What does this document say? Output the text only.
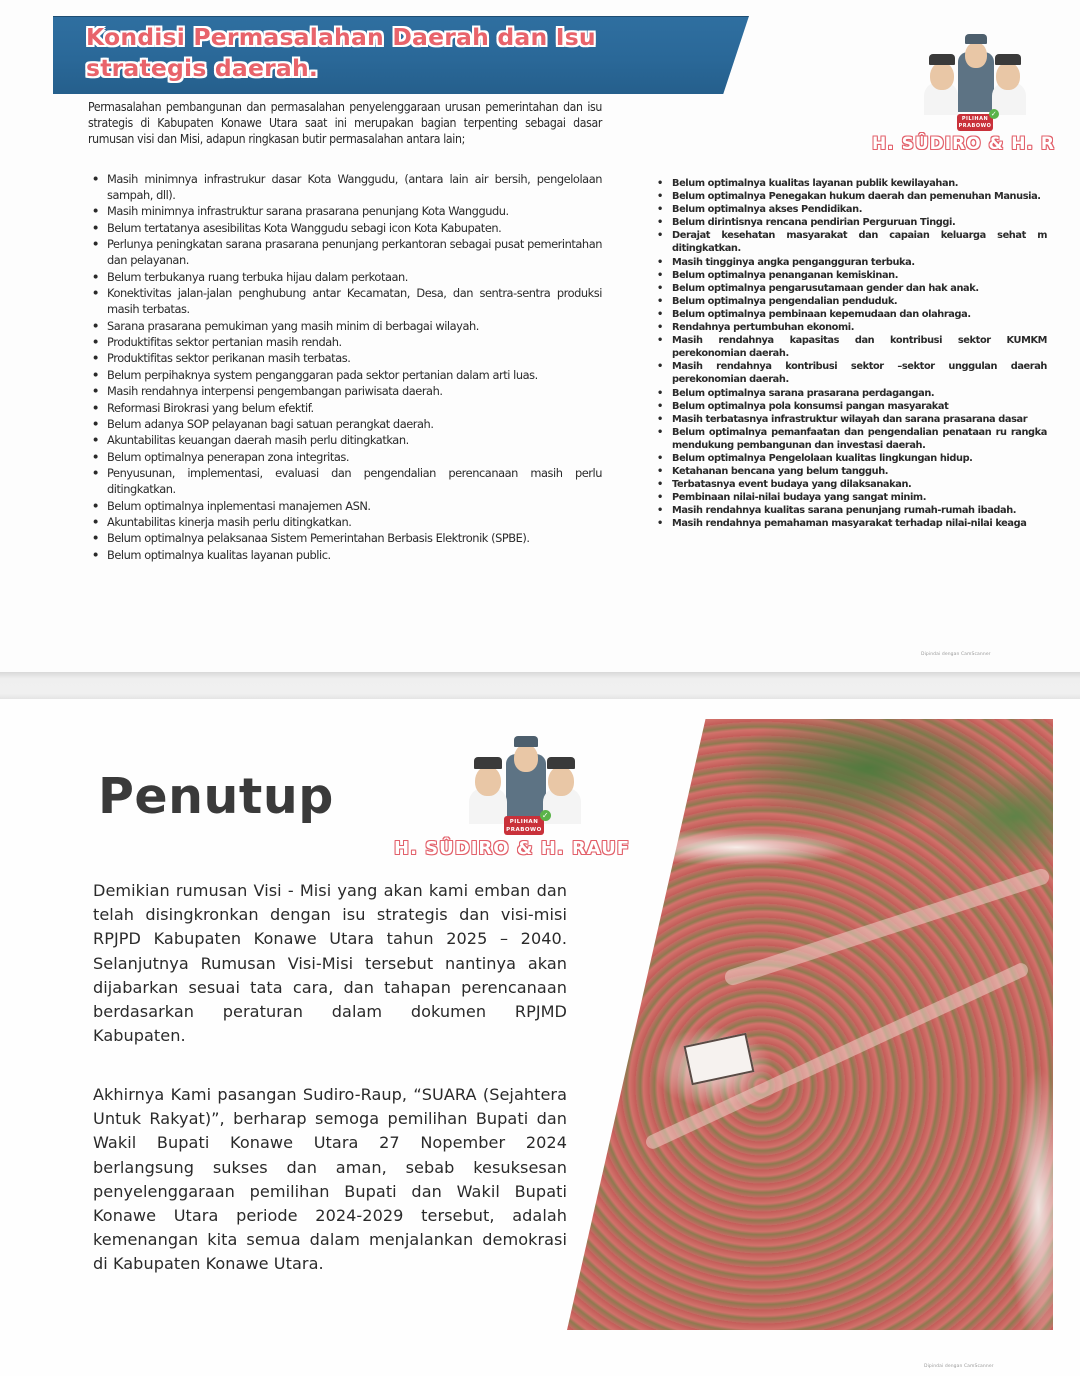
Kondisi Permasalahan Daerah dan Isu strategis daerah.
PILIHAN
PRABOWO
✓
H. SÛDIRO & H. R

Permasalahan pembangunan dan permasalahan penyelenggaraan urusan pemerintahan dan isu strategis di Kabupaten Konawe Utara saat ini merupakan bagian terpenting sebagai dasar rumusan visi dan Misi, adapun ringkasan butir permasalahan antara lain;

• Masih minimnya infrastrukur dasar Kota Wanggudu, (antara lain air bersih, pengelolaan sampah, dll).
• Masih minimnya infrastruktur sarana prasarana penunjang Kota Wanggudu.
• Belum tertatanya asesibilitas Kota Wanggudu sebagi icon Kota Kabupaten.
• Perlunya peningkatan sarana prasarana penunjang perkantoran sebagai pusat pemerintahan dan pelayanan.
• Belum terbukanya ruang terbuka hijau dalam perkotaan.
• Konektivitas jalan-jalan penghubung antar Kecamatan, Desa, dan sentra-sentra produksi masih terbatas.
• Sarana prasarana pemukiman yang masih minim di berbagai wilayah.
• Produktifitas sektor pertanian masih rendah.
• Produktifitas sektor perikanan masih terbatas.
• Belum perpihaknya system penganggaran pada sektor pertanian dalam arti luas.
• Masih rendahnya interpensi pengembangan pariwisata daerah.
• Reformasi Birokrasi yang belum efektif.
• Belum adanya SOP pelayanan bagi satuan perangkat daerah.
• Akuntabilitas keuangan daerah masih perlu ditingkatkan.
• Belum optimalnya penerapan zona integritas.
• Penyusunan, implementasi, evaluasi dan pengendalian perencanaan masih perlu ditingkatkan.
• Belum optimalnya inplementasi manajemen ASN.
• Akuntabilitas kinerja masih perlu ditingkatkan.
• Belum optimalnya pelaksanaa Sistem Pemerintahan Berbasis Elektronik (SPBE).
• Belum optimalnya kualitas layanan public.
• Belum optimalnya kualitas layanan publik kewilayahan.
• Belum optimalnya Penegakan hukum daerah dan pemenuhan Manusia.
• Belum optimalnya akses Pendidikan.
• Belum dirintisnya rencana pendirian Perguruan Tinggi.
• Derajat kesehatan masyarakat dan capaian keluarga sehat m ditingkatkan.
• Masih tingginya angka pengangguran terbuka.
• Belum optimalnya penanganan kemiskinan.
• Belum optimalnya pengarusutamaan gender dan hak anak.
• Belum optimalnya pengendalian penduduk.
• Belum optimalnya pembinaan kepemudaan dan olahraga.
• Rendahnya pertumbuhan ekonomi.
• Masih rendahnya kapasitas dan kontribusi sektor KUMKM perekonomian daerah.
• Masih rendahnya kontribusi sektor –sektor unggulan daerah perekonomian daerah.
• Belum optimalnya sarana prasarana perdagangan.
• Belum optimalnya pola konsumsi pangan masyarakat
• Masih terbatasnya infrastruktur wilayah dan sarana prasarana dasar
• Belum optimalnya pemanfaatan dan pengendalian penataan ru rangka mendukung pembangunan dan investasi daerah.
• Belum optimalnya Pengelolaan kualitas lingkungan hidup.
• Ketahanan bencana yang belum tangguh.
• Terbatasnya event budaya yang dilaksanakan.
• Pembinaan nilai-nilai budaya yang sangat minim.
• Masih rendahnya kualitas sarana penunjang rumah-rumah ibadah.
• Masih rendahnya pemahaman masyarakat terhadap nilai-nilai keaga
Dipindai dengan CamScanner
Penutup	PILIHAN
PRABOWO
✓
H. SÛDIRO & H. RAUF

Demikian rumusan Visi - Misi yang akan kami emban dan telah disingkronkan dengan isu strategis dan visi-misi RPJPD Kabupaten Konawe Utara tahun 2025 – 2040. Selanjutnya Rumusan Visi-Misi tersebut nantinya akan dijabarkan sesuai tata cara, dan tahapan perencanaan berdasarkan peraturan dalam dokumen RPJMD Kabupaten.

Akhirnya Kami pasangan Sudiro-Raup, “SUARA (Sejahtera Untuk Rakyat)”, berharap semoga pemilihan Bupati dan Wakil Bupati Konawe Utara 27 Nopember 2024 berlangsung sukses dan aman, sebab kesuksesan penyelenggaraan pemilihan Bupati dan Wakil Bupati Konawe Utara periode 2024-2029 tersebut, adalah kemenangan kita semua dalam menjalankan demokrasi di Kabupaten Konawe Utara.

Dipindai dengan CamScanner
